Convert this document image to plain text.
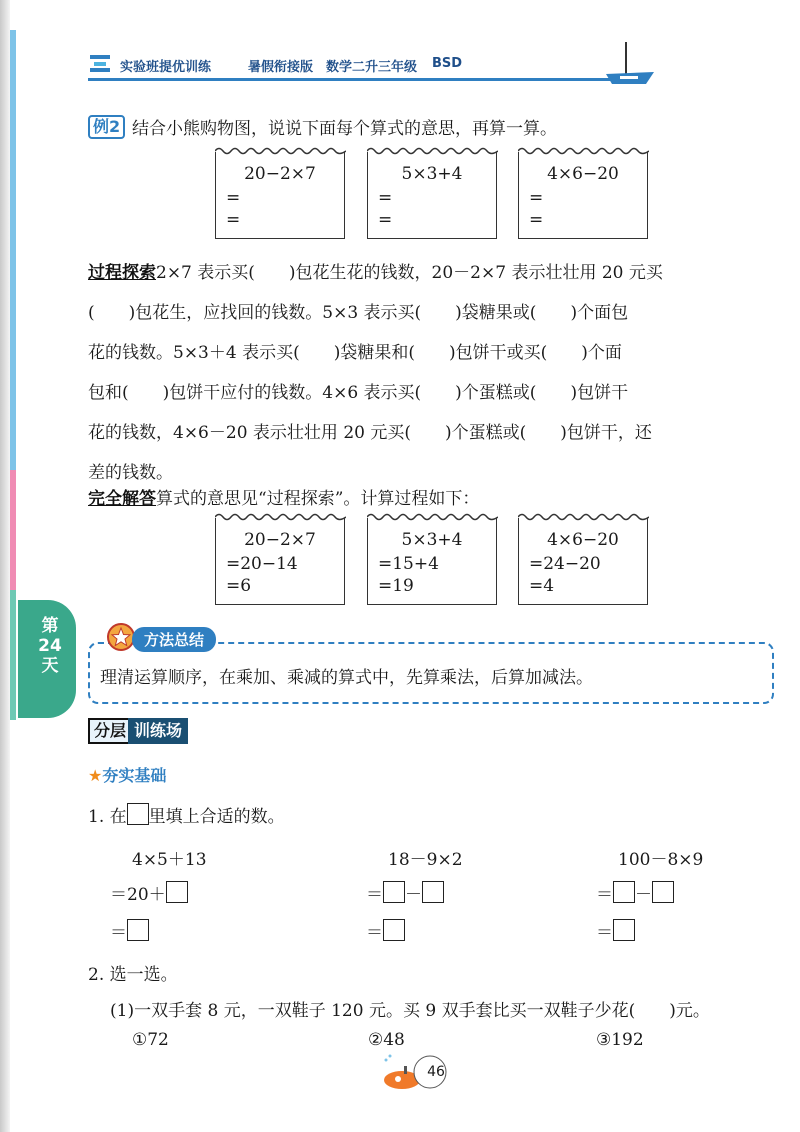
实验班提优训练	暑假衔接版 数学二升三年级 BSD
例2 结合小熊购物图，说说下面每个算式的意思，再算一算。
20−2×7
=
=
5×3+4
=
=
4×6−20
=
=
过程探索2×7 表示买(　　)包花生花的钱数，20－2×7 表示壮壮用 20 元买
(　　)包花生，应找回的钱数。5×3 表示买(　　)袋糖果或(　　)个面包
花的钱数。5×3＋4 表示买(　　)袋糖果和(　　)包饼干或买(　　)个面
包和(　　)包饼干应付的钱数。4×6 表示买(　　)个蛋糕或(　　)包饼干
花的钱数，4×6－20 表示壮壮用 20 元买(　　)个蛋糕或(　　)包饼干，还
差的钱数。
完全解答算式的意思见“过程探索”。计算过程如下：
20−2×7
=20−14
=6
5×3+4
=15+4
=19
4×6−20
=24−20
=4
第
24
天
方法总结
理清运算顺序，在乘加、乘减的算式中，先算乘法，后算加减法。
分层 训练场
★夯实基础
1. 在 里填上合适的数。
4×5＋13
＝20＋
＝
18－9×2
＝ －
＝
100－8×9
＝ －
＝
2. 选一选。
(1)一双手套 8 元，一双鞋子 120 元。买 9 双手套比买一双鞋子少花(　　)元。
①72	②48	③192
46
